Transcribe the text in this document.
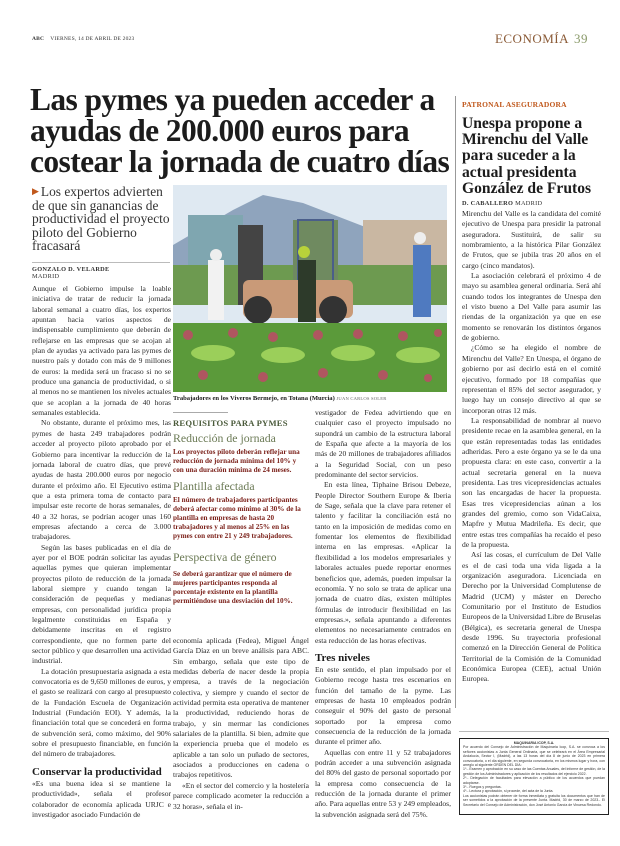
ABC VIERNES, 14 DE ABRIL DE 2023	ECONOMÍA 39
Las pymes ya pueden acceder a ayudas de 200.000 euros para costear la jornada de cuatro días
▶ Los expertos advierten de que sin ganancias de productividad el proyecto piloto del Gobierno fracasará
GONZALO D. VELARDE
MADRID

Aunque el Gobierno impulse la loable iniciativa de tratar de reducir la jornada laboral semanal a cuatro días, los expertos apuntan hacia varios aspectos de indispensable cumplimiento que deberán de reflejarse en las empresas que se acojan al plan de ayudas ya activado para las pymes de nuestro país y dotado con más de 9 millones de euros: la medida será un fracaso si no se produce una ganancia de productividad, o si al menos no se mantienen los niveles actuales que se acoplan a la jornada de 40 horas semanales establecida.

No obstante, durante el próximo mes, las pymes de hasta 249 trabajadores podrán acceder al proyecto piloto aprobado por el Gobierno para incentivar la reducción de la jornada laboral de cuatro días, que prevé ayudas de hasta 200.000 euros por negocio durante el próximo año. El Ejecutivo estima que a esta primera toma de contacto para impulsar este recorte de horas semanales, de 40 a 32 horas, se podrían acoger unas 160 empresas afectando a cerca de 3.000 trabajadores.

Según las bases publicadas en el día de ayer por el BOE podrán solicitar las ayudas aquellas pymes que quieran implementar proyectos piloto de reducción de la jornada laboral siempre y cuando tengan la consideración de pequeñas y medianas empresas, con personalidad jurídica propia legalmente constituidas en España y debidamente inscritas en el registro correspondiente, que no formen parte del sector público y que desarrollen una actividad industrial.

La dotación presupuestaria asignada a esta convocatoria es de 9,650 millones de euros, y el gasto se realizará con cargo al presupuesto de la Fundación Escuela de Organización Industrial (Fundación EOI). Y además, la financiación total que se concederá en forma de subvención será, como máximo, del 90% sobre el presupuesto financiable, en función del número de trabajadores.

Conservar la productividad

«Es una buena idea si se mantiene la productividad», señala el profesor colaborador de economía aplicada URJC e investigador asociado Fundación de

Trabajadores en los Viveros Bermejo, en Totana (Murcia) JUAN CARLOS SOLER
REQUISITOS PARA PYMES
Reducción de jornada

Los proyectos piloto deberán reflejar una reducción de jornada mínima del 10% y con una duración mínima de 24 meses.

Plantilla afectada

El número de trabajadores participantes deberá afectar como mínimo al 30% de la plantilla en empresas de hasta 20 trabajadores y al menos al 25% en las pymes con entre 21 y 249 trabajadores.

Perspectiva de género

Se deberá garantizar que el número de mujeres participantes responda al porcentaje existente en la plantilla permitiéndose una desviación del 10%.

economía aplicada (Fedea), Miguel Ángel García Díaz en un breve análisis para ABC. Sin embargo, señala que este tipo de medidas debería de nacer desde la propia empresa, a través de la negociación colectiva, y siempre y cuando el sector de actividad permita esta operativa de mantener la productividad, reduciendo horas de trabajo, y sin mermar las condiciones salariales de la plantilla. Si bien, admite que la experiencia prueba que el modelo es aplicable a tan solo un puñado de sectores, asociados a producciones en cadena o trabajos repetitivos.

«En el sector del comercio y la hostelería parece complicado acometer la reducción a 32 horas», señala el in-

vestigador de Fedea advirtiendo que en cualquier caso el proyecto impulsado no supondrá un cambio de la estructura laboral de España que afecte a la mayoría de los más de 20 millones de trabajadores afiliados a la Seguridad Social, con un peso predominante del sector servicios.

En esta línea, Tiphaine Brisou Debeze, People Director Southern Europe & Iberia de Sage, señala que la clave para retener el talento y facilitar la conciliación está no tanto en la imposición de medidas como en fomentar los elementos de flexibilidad interna en las empresas. «Aplicar la flexibilidad a los modelos empresariales y laborales actuales puede reportar enormes beneficios que, además, pueden impulsar la economía. Y no solo se trata de aplicar una jornada de cuatro días, existen múltiples fórmulas de introducir flexibilidad en las empresas.», señala apuntando a diferentes elementos no necesariamente centrados en esta reducción de las horas efectivas.

Tres niveles

En este sentido, el plan impulsado por el Gobierno recoge hasta tres escenarios en función del tamaño de la pyme. Las empresas de hasta 10 empleados podrán conseguir el 90% del gasto de personal soportado por la empresa como consecuencia de la reducción de la jornada durante el primer año.

Aquellas con entre 11 y 52 trabajadores podrán acceder a una subvención asignada del 80% del gasto de personal soportado por la empresa como consecuencia de la reducción de la jornada durante el primer año. Para aquellas entre 53 y 249 empleados, la subvención asignada será del 75%.

PATRONAL ASEGURADORA
Unespa propone a Mirenchu del Valle para suceder a la actual presidenta González de Frutos
D. CABALLERO MADRID

Mirenchu del Valle es la candidata del comité ejecutivo de Unespa para presidir la patronal aseguradora. Sustituirá, de salir su nombramiento, a la histórica Pilar González de Frutos, que se jubila tras 20 años en el cargo (cinco mandatos).

La asociación celebrará el próximo 4 de mayo su asamblea general ordinaria. Será ahí cuando todos los integrantes de Unespa den el visto bueno a Del Valle para asumir las riendas de la organización ya que en ese momento se renovarán los distintos órganos de gobierno.

¿Cómo se ha elegido el nombre de Mirenchu del Valle? En Unespa, el órgano de gobierno por así decirlo está en el comité ejecutivo, formado por 18 compañías que representan el 85% del sector asegurador, y luego hay un consejo directivo al que se incorporan otras 12 más.

La responsabilidad de nombrar al nuevo presidente recae en la asamblea general, en la que están representadas todas las entidades adheridas. Pero a este órgano ya se le da una propuesta clara: en este caso, convertir a la actual secretaria general en la nueva presidenta. Las tres vicepresidencias actuales son las encargadas de hacer la propuesta. Esas tres vicepresidencias aúnan a los grandes del gremio, como son VidaCaixa, Mapfre y Mutua Madrileña. Es decir, que entre estas tres compañías ha recaído el peso de la propuesta.

Así las cosas, el currículum de Del Valle es el de casi toda una vida ligada a la organización aseguradora. Licenciada en Derecho por la Universidad Complutense de Madrid (UCM) y máster en Derecho Comunitario por el Instituto de Estudios Europeos de la Universidad Libre de Bruselas (Bélgica), es secretaria general de Unespa desde 1996. Su trayectoria profesional comenzó en la Dirección General de Política Territorial de la Comisión de la Comunidad Económica Europea (CEE), actual Unión Europea.

MAQUINARIA ICOP, S.A.
Por acuerdo del Consejo de Administración de Maquinaria Icop, S.A. se convoca a los señores accionistas a Junta General Ordinaria, que se celebrará en el Área Empresarial Andalucía, Sector I, (Madrid), a las 13 horas del día 8 de junio de 2023 en primera convocatoria, o el día siguiente, en segunda convocatoria, en los mismos lugar y hora, con arreglo al siguiente ORDEN DEL DÍA:
1º.- Examen y aprobación en su caso de las Cuentas Anuales, del informe de gestión, de la gestión de los Administradores y aplicación de los resultados del ejercicio 2022.
2º.- Delegación de facultades para elevación a público de los acuerdos que puedan adoptarse.
3º.- Ruegos y preguntas.
4º.- Lectura y aprobación, si procede, del acta de la Junta.
Los accionistas podrán obtener de forma inmediata y gratuita los documentos que han de ser sometidos a la aprobación de la presente Junta. Madrid, 30 de marzo de 2023.- El Secretario del Consejo de Administración, don José Antonio García de Vinuesa Redondo.
